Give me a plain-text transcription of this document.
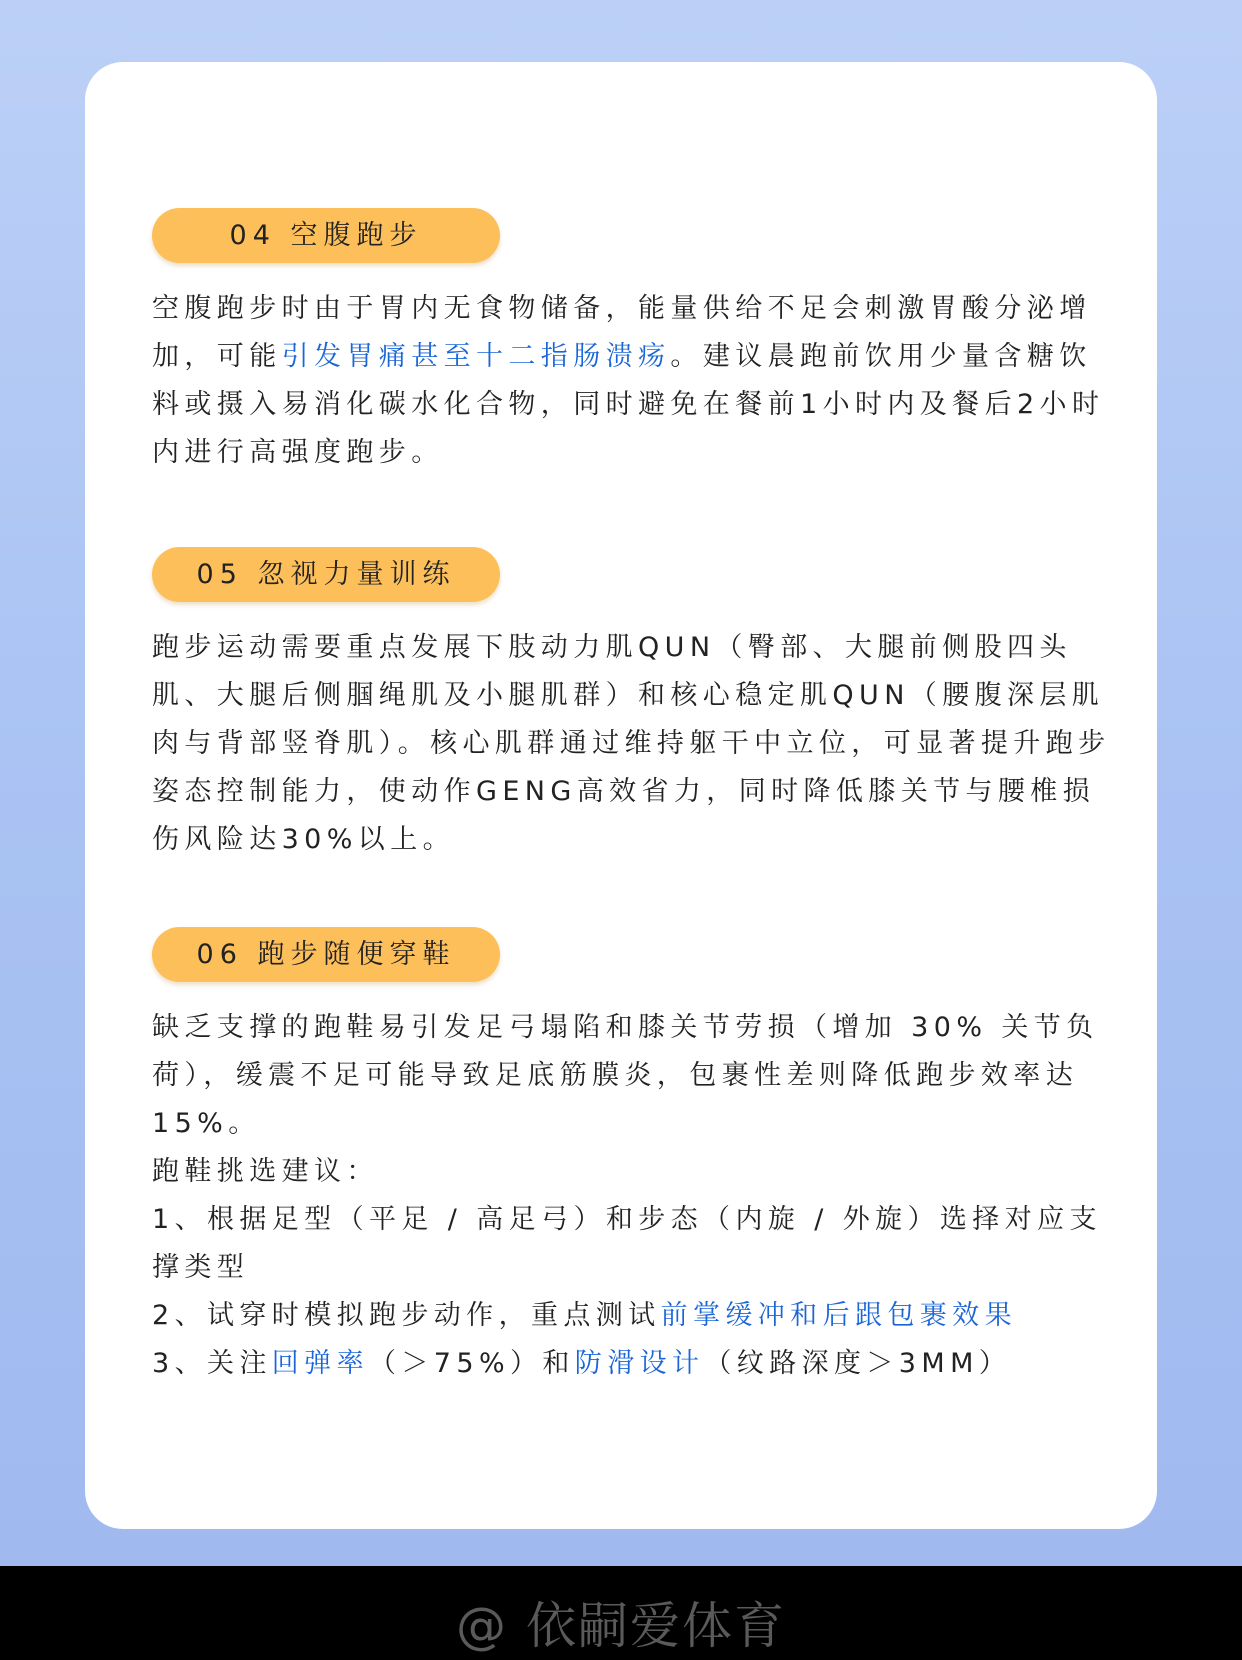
04 空腹跑步

空腹跑步时由于胃内无食物储备，能量供给不足会刺激胃酸分泌增加，可能引发胃痛甚至十二指肠溃疡。建议晨跑前饮用少量含糖饮料或摄入易消化碳水化合物，同时避免在餐前1小时内及餐后2小时内进行高强度跑步。

05 忽视力量训练

跑步运动需要重点发展下肢动力肌QUN（臀部、大腿前侧股四头肌、大腿后侧腘绳肌及小腿肌群）和核心稳定肌QUN（腰腹深层肌肉与背部竖脊肌）。核心肌群通过维持躯干中立位，可显著提升跑步姿态控制能力，使动作GENG高效省力，同时降低膝关节与腰椎损伤风险达30%以上。

06 跑步随便穿鞋

缺乏支撑的跑鞋易引发足弓塌陷和膝关节劳损（增加 30% 关节负荷），缓震不足可能导致足底筋膜炎，包裹性差则降低跑步效率达 15%。

跑鞋挑选建议：

1、根据足型（平足 / 高足弓）和步态（内旋 / 外旋）选择对应支撑类型

2、试穿时模拟跑步动作，重点测试前掌缓冲和后跟包裹效果

3、关注回弹率（＞75%）和防滑设计（纹路深度＞3MM）

@ 依嗣爱体育
